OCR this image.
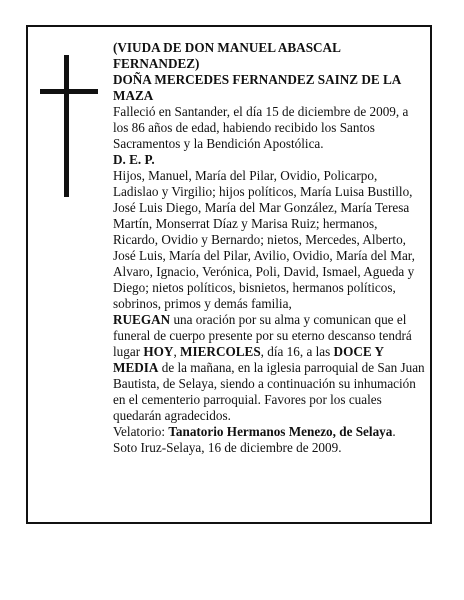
(VIUDA DE DON MANUEL ABASCAL FERNANDEZ)

DOÑA MERCEDES FERNANDEZ SAINZ DE LA MAZA

Falleció en Santander, el día 15 de diciembre de 2009, a los 86 años de edad, habiendo recibido los Santos Sacramentos y la Bendición Apostólica.

D. E. P.

Hijos, Manuel, María del Pilar, Ovidio, Policarpo, Ladislao y Virgilio; hijos políticos, María Luisa Bustillo, José Luis Diego, María del Mar González, María Teresa Martín, Monserrat Díaz y Marisa Ruiz; hermanos, Ricardo, Ovidio y Bernardo; nietos, Mercedes, Alberto, José Luis, María del Pilar, Avilio, Ovidio, María del Mar, Alvaro, Ignacio, Verónica, Poli, David, Ismael, Agueda y Diego; nietos políticos, bisnietos, hermanos políticos, sobrinos, primos y demás familia,

RUEGAN una oración por su alma y comunican que el funeral de cuerpo presente por su eterno descanso tendrá lugar HOY, MIERCOLES, día 16, a las DOCE Y MEDIA de la mañana, en la iglesia parroquial de San Juan Bautista, de Selaya, siendo a continuación su inhumación en el cementerio parroquial. Favores por los cuales quedarán agradecidos.

Velatorio: Tanatorio Hermanos Menezo, de Selaya.

Soto Iruz-Selaya, 16 de diciembre de 2009.
